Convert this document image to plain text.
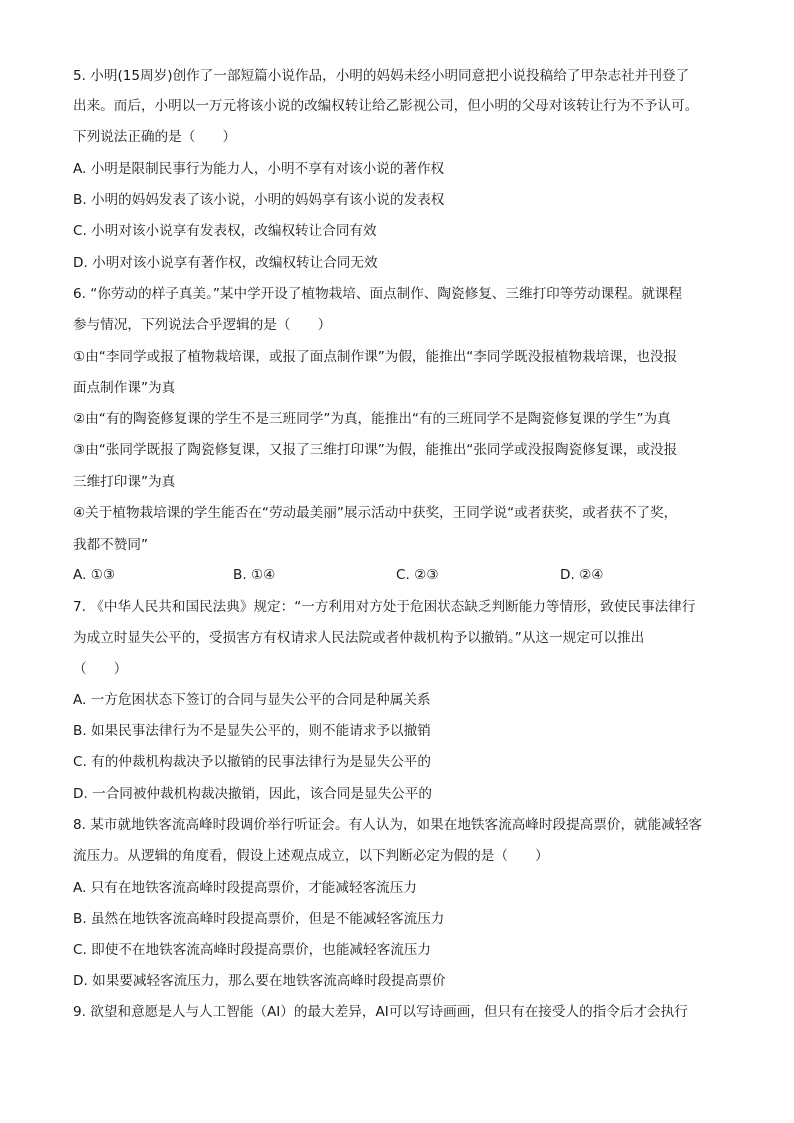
5. 小明(15周岁)创作了一部短篇小说作品，小明的妈妈未经小明同意把小说投稿给了甲杂志社并刊登了
出来。而后，小明以一万元将该小说的改编权转让给乙影视公司，但小明的父母对该转让行为不予认可。
下列说法正确的是（　　）
A. 小明是限制民事行为能力人，小明不享有对该小说的著作权
B. 小明的妈妈发表了该小说，小明的妈妈享有该小说的发表权
C. 小明对该小说享有发表权，改编权转让合同有效
D. 小明对该小说享有著作权，改编权转让合同无效
6. “你劳动的样子真美。”某中学开设了植物栽培、面点制作、陶瓷修复、三维打印等劳动课程。就课程
参与情况，下列说法合乎逻辑的是（　　）
①由“李同学或报了植物栽培课，或报了面点制作课”为假，能推出“李同学既没报植物栽培课，也没报
面点制作课”为真
②由“有的陶瓷修复课的学生不是三班同学”为真，能推出“有的三班同学不是陶瓷修复课的学生”为真
③由“张同学既报了陶瓷修复课，又报了三维打印课”为假，能推出“张同学或没报陶瓷修复课，或没报
三维打印课”为真
④关于植物栽培课的学生能否在“劳动最美丽”展示活动中获奖，王同学说“或者获奖，或者获不了奖，
我都不赞同”
A. ①③	B. ①④	C. ②③	D. ②④
7. 《中华人民共和国民法典》规定：“一方利用对方处于危困状态缺乏判断能力等情形，致使民事法律行
为成立时显失公平的，受损害方有权请求人民法院或者仲裁机构予以撤销。”从这一规定可以推出
（　　）
A. 一方危困状态下签订的合同与显失公平的合同是种属关系
B. 如果民事法律行为不是显失公平的，则不能请求予以撤销
C. 有的仲裁机构裁决予以撤销的民事法律行为是显失公平的
D. 一合同被仲裁机构裁决撤销，因此，该合同是显失公平的
8. 某市就地铁客流高峰时段调价举行听证会。有人认为，如果在地铁客流高峰时段提高票价，就能减轻客
流压力。从逻辑的角度看，假设上述观点成立，以下判断必定为假的是（　　）
A. 只有在地铁客流高峰时段提高票价，才能减轻客流压力
B. 虽然在地铁客流高峰时段提高票价，但是不能减轻客流压力
C. 即使不在地铁客流高峰时段提高票价，也能减轻客流压力
D. 如果要减轻客流压力，那么要在地铁客流高峰时段提高票价
9. 欲望和意愿是人与人工智能（AI）的最大差异，AI可以写诗画画，但只有在接受人的指令后才会执行
